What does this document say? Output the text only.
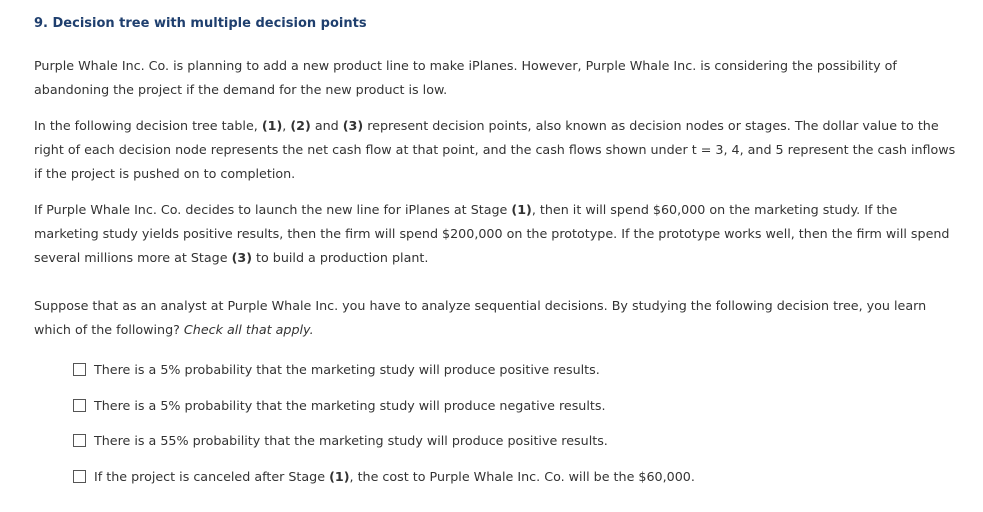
9. Decision tree with multiple decision points

Purple Whale Inc. Co. is planning to add a new product line to make iPlanes. However, Purple Whale Inc. is considering the possibility of abandoning the project if the demand for the new product is low.

In the following decision tree table, (1), (2) and (3) represent decision points, also known as decision nodes or stages. The dollar value to the right of each decision node represents the net cash flow at that point, and the cash flows shown under t = 3, 4, and 5 represent the cash inflows if the project is pushed on to completion.

If Purple Whale Inc. Co. decides to launch the new line for iPlanes at Stage (1), then it will spend $60,000 on the marketing study. If the marketing study yields positive results, then the firm will spend $200,000 on the prototype. If the prototype works well, then the firm will spend several millions more at Stage (3) to build a production plant.

Suppose that as an analyst at Purple Whale Inc. you have to analyze sequential decisions. By studying the following decision tree, you learn which of the following? Check all that apply.

There is a 5% probability that the marketing study will produce positive results.
There is a 5% probability that the marketing study will produce negative results.
There is a 55% probability that the marketing study will produce positive results.
If the project is canceled after Stage (1), the cost to Purple Whale Inc. Co. will be the $60,000.
